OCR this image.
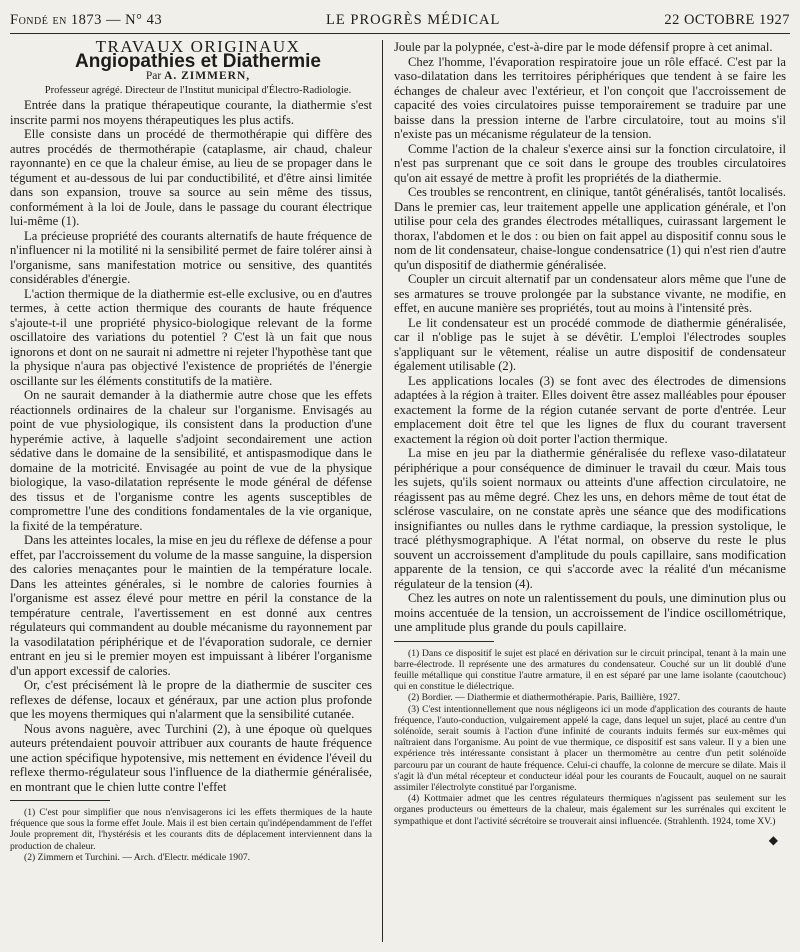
Fondé en 1873 — N° 43	LE PROGRÈS MÉDICAL	22 OCTOBRE 1927

TRAVAUX ORIGINAUX

Angiopathies et Diathermie

Par A. ZIMMERN,

Professeur agrégé. Directeur de l'Institut municipal d'Électro-Radiologie.

Entrée dans la pratique thérapeutique courante, la diathermie s'est inscrite parmi nos moyens thérapeutiques les plus actifs.

Elle consiste dans un procédé de thermothérapie qui diffère des autres procédés de thermothérapie (cataplasme, air chaud, chaleur rayonnante) en ce que la chaleur émise, au lieu de se propager dans le tégument et au-dessous de lui par conductibilité, et d'être ainsi limitée dans son expansion, trouve sa source au sein même des tissus, conformément à la loi de Joule, dans le passage du courant électrique lui-même (1).

La précieuse propriété des courants alternatifs de haute fréquence de n'influencer ni la motilité ni la sensibilité permet de faire tolérer ainsi à l'organisme, sans manifestation motrice ou sensitive, des quantités considérables d'énergie.

L'action thermique de la diathermie est-elle exclusive, ou en d'autres termes, à cette action thermique des courants de haute fréquence s'ajoute-t-il une propriété physico-biologique relevant de la forme oscillatoire des variations du potentiel ? C'est là un fait que nous ignorons et dont on ne saurait ni admettre ni rejeter l'hypothèse tant que la physique n'aura pas objectivé l'existence de propriétés de l'énergie oscillante sur les éléments constitutifs de la matière.

On ne saurait demander à la diathermie autre chose que les effets réactionnels ordinaires de la chaleur sur l'organisme. Envisagés au point de vue physiologique, ils consistent dans la production d'une hyperémie active, à laquelle s'adjoint secondairement une action sédative dans le domaine de la sensibilité, et antispasmodique dans le domaine de la motricité. Envisagée au point de vue de la physique biologique, la vaso-dilatation représente le mode général de défense des tissus et de l'organisme contre les agents susceptibles de compromettre l'une des conditions fondamentales de la vie organique, la fixité de la température.

Dans les atteintes locales, la mise en jeu du réflexe de défense a pour effet, par l'accroissement du volume de la masse sanguine, la dispersion des calories menaçantes pour le maintien de la température locale. Dans les atteintes générales, si le nombre de calories fournies à l'organisme est assez élevé pour mettre en péril la constance de la température centrale, l'avertissement en est donné aux centres régulateurs qui commandent au double mécanisme du rayonnement par la vasodilatation périphérique et de l'évaporation sudorale, ce dernier entrant en jeu si le premier moyen est impuissant à libérer l'organisme d'un apport excessif de calories.

Or, c'est précisément là le propre de la diathermie de susciter ces reflexes de défense, locaux et généraux, par une action plus profonde que les moyens thermiques qui n'alarment que la sensibilité cutanée.

Nous avons naguère, avec Turchini (2), à une époque où quelques auteurs prétendaient pouvoir attribuer aux courants de haute fréquence une action spécifique hypotensive, mis nettement en évidence l'éveil du reflexe thermo-régulateur sous l'influence de la diathermie généralisée, en montrant que le chien lutte contre l'effet

(1) C'est pour simplifier que nous n'envisagerons ici les effets thermiques de la haute fréquence que sous la forme effet Joule. Mais il est bien certain qu'indépendamment de l'effet Joule proprement dit, l'hystérésis et les courants dits de déplacement interviennent dans la production de chaleur.

(2) Zimmern et Turchini. — Arch. d'Electr. médicale 1907.

Joule par la polypnée, c'est-à-dire par le mode défensif propre à cet animal.

Chez l'homme, l'évaporation respiratoire joue un rôle effacé. C'est par la vaso-dilatation dans les territoires périphériques que tendent à se faire les échanges de chaleur avec l'extérieur, et l'on conçoit que l'accroissement de capacité des voies circulatoires puisse temporairement se traduire par une baisse dans la pression interne de l'arbre circulatoire, tout au moins s'il n'existe pas un mécanisme régulateur de la tension.

Comme l'action de la chaleur s'exerce ainsi sur la fonction circulatoire, il n'est pas surprenant que ce soit dans le groupe des troubles circulatoires qu'on ait essayé de mettre à profit les propriétés de la diathermie.

Ces troubles se rencontrent, en clinique, tantôt généralisés, tantôt localisés. Dans le premier cas, leur traitement appelle une application générale, et l'on utilise pour cela des grandes électrodes métalliques, cuirassant largement le thorax, l'abdomen et le dos : ou bien on fait appel au dispositif connu sous le nom de lit condensateur, chaise-longue condensatrice (1) qui n'est rien d'autre qu'un dispositif de diathermie généralisée.

Coupler un circuit alternatif par un condensateur alors même que l'une de ses armatures se trouve prolongée par la substance vivante, ne modifie, en effet, en aucune manière ses propriétés, tout au moins à l'intensité près.

Le lit condensateur est un procédé commode de diathermie généralisée, car il n'oblige pas le sujet à se dévêtir. L'emploi l'électrodes souples s'appliquant sur le vêtement, réalise un autre dispositif de condensateur également utilisable (2).

Les applications locales (3) se font avec des électrodes de dimensions adaptées à la région à traiter. Elles doivent être assez malléables pour épouser exactement la forme de la région cutanée servant de porte d'entrée. Leur emplacement doit être tel que les lignes de flux du courant traversent exactement la région où doit porter l'action thermique.

La mise en jeu par la diathermie généralisée du reflexe vaso-dilatateur périphérique a pour conséquence de diminuer le travail du cœur. Mais tous les sujets, qu'ils soient normaux ou atteints d'une affection circulatoire, ne réagissent pas au même degré. Chez les uns, en dehors même de tout état de sclérose vasculaire, on ne constate après une séance que des modifications insignifiantes ou nulles dans le rythme cardiaque, la pression systolique, le tracé pléthysmographique. A l'état normal, on observe du reste le plus souvent un accroissement d'amplitude du pouls capillaire, sans modification apparente de la tension, ce qui s'accorde avec la réalité d'un mécanisme régulateur de la tension (4).

Chez les autres on note un ralentissement du pouls, une diminution plus ou moins accentuée de la tension, un accroissement de l'indice oscillométrique, une amplitude plus grande du pouls capillaire.

(1) Dans ce dispositif le sujet est placé en dérivation sur le circuit principal, tenant à la main une barre-électrode. Il représente une des armatures du condensateur. Couché sur un lit doublé d'une feuille métallique qui constitue l'autre armature, il en est séparé par une lame isolante (caoutchouc) qui en constitue le diélectrique.

(2) Bordier. — Diathermie et diathermothérapie. Paris, Baillière, 1927.

(3) C'est intentionnellement que nous négligeons ici un mode d'application des courants de haute fréquence, l'auto-conduction, vulgairement appelé la cage, dans lequel un sujet, placé au centre d'un solénoïde, serait soumis à l'action d'une infinité de courants induits fermés sur eux-mêmes qui naîtraient dans l'organisme. Au point de vue thermique, ce dispositif est sans valeur. Il y a bien une expérience très intéressante consistant à placer un thermomètre au centre d'un petit solénoïde parcouru par un courant de haute fréquence. Celui-ci chauffe, la colonne de mercure se dilate. Mais il s'agit là d'un métal récepteur et conducteur idéal pour les courants de Foucault, auquel on ne saurait assimiler l'électrolyte constitué par l'organisme.

(4) Kottmaier admet que les centres régulateurs thermiques n'agissent pas seulement sur les organes producteurs ou émetteurs de la chaleur, mais également sur les surrénales qui excitent le sympathique et dont l'activité sécrétoire se trouverait ainsi influencée. (Strahlenth. 1924, tome XV.)

◆
